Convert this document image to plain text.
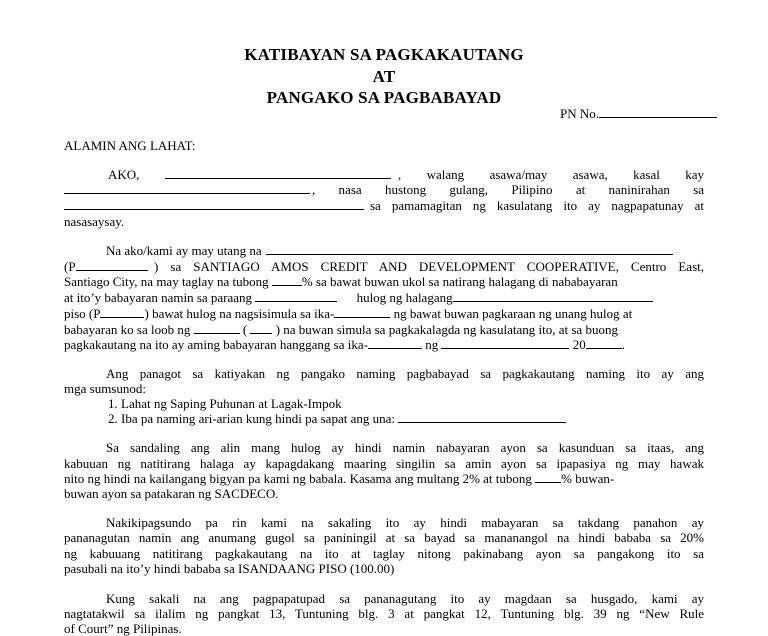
KATIBAYAN SA PAGKAKAUTANG
AT
PANGAKO SA PAGBABAYAD
PN No.
ALAMIN ANG LAHAT:
AKO,	, walang asawa/may asawa, kasal kay
, nasa hustong gulang, Pilipino at naninirahan sa
sa pamamagitan ng kasulatang ito ay nagpapatunay at
nasasaysay.
Na ako/kami ay may utang na
(P	) sa SANTIAGO AMOS CREDIT AND DEVELOPMENT COOPERATIVE, Centro East,
Santiago City, na may taglay na tubong	% sa bawat buwan ukol sa natirang halagang di nababayaran
at ito’y babayaran namin sa paraang	hulog ng halagang
piso (P	) bawat hulog na nagsisimula sa ika-	ng bawat buwan pagkaraan ng unang hulog at
babayaran ko sa loob ng	( ) na buwan simula sa pagkakalagda ng kasulatang ito, at sa buong
pagkakautang na ito ay aming babayaran hanggang sa ika-	ng	20	.
Ang panagot sa katiyakan ng pangako naming pagbabayad sa pagkakautang naming ito ay ang
mga sumsunod:
1. Lahat ng Saping Puhunan at Lagak-Impok
2. Iba pa naming ari-arian kung hindi pa sapat ang una:
Sa sandaling ang alin mang hulog ay hindi namin nabayaran ayon sa kasunduan sa itaas, ang
kabuuan ng natitirang halaga ay kapagdakang maaring singilin sa amin ayon sa ipapasiya ng may hawak
nito ng hindi na kailangang bigyan pa kami ng babala. Kasama ang multang 2% at tubong % buwan-
buwan ayon sa patakaran ng SACDECO.
Nakikipagsundo pa rin kami na sakaling ito ay hindi mabayaran sa takdang panahon ay
pananagutan namin ang anumang gugol sa paniningil at sa bayad sa mananangol na hindi bababa sa 20%
ng kabuuang natitirang pagkakautang na ito at taglay nitong pakinabang ayon sa pangakong ito sa
pasubali na ito’y hindi bababa sa ISANDAANG PISO (100.00)
Kung sakali na ang pagpapatupad sa pananagutang ito ay magdaan sa husgado, kami ay
nagtatakwil sa ilalim ng pangkat 13, Tuntuning blg. 3 at pangkat 12, Tuntuning blg. 39 ng “New Rule
of Court” ng Pilipinas.
